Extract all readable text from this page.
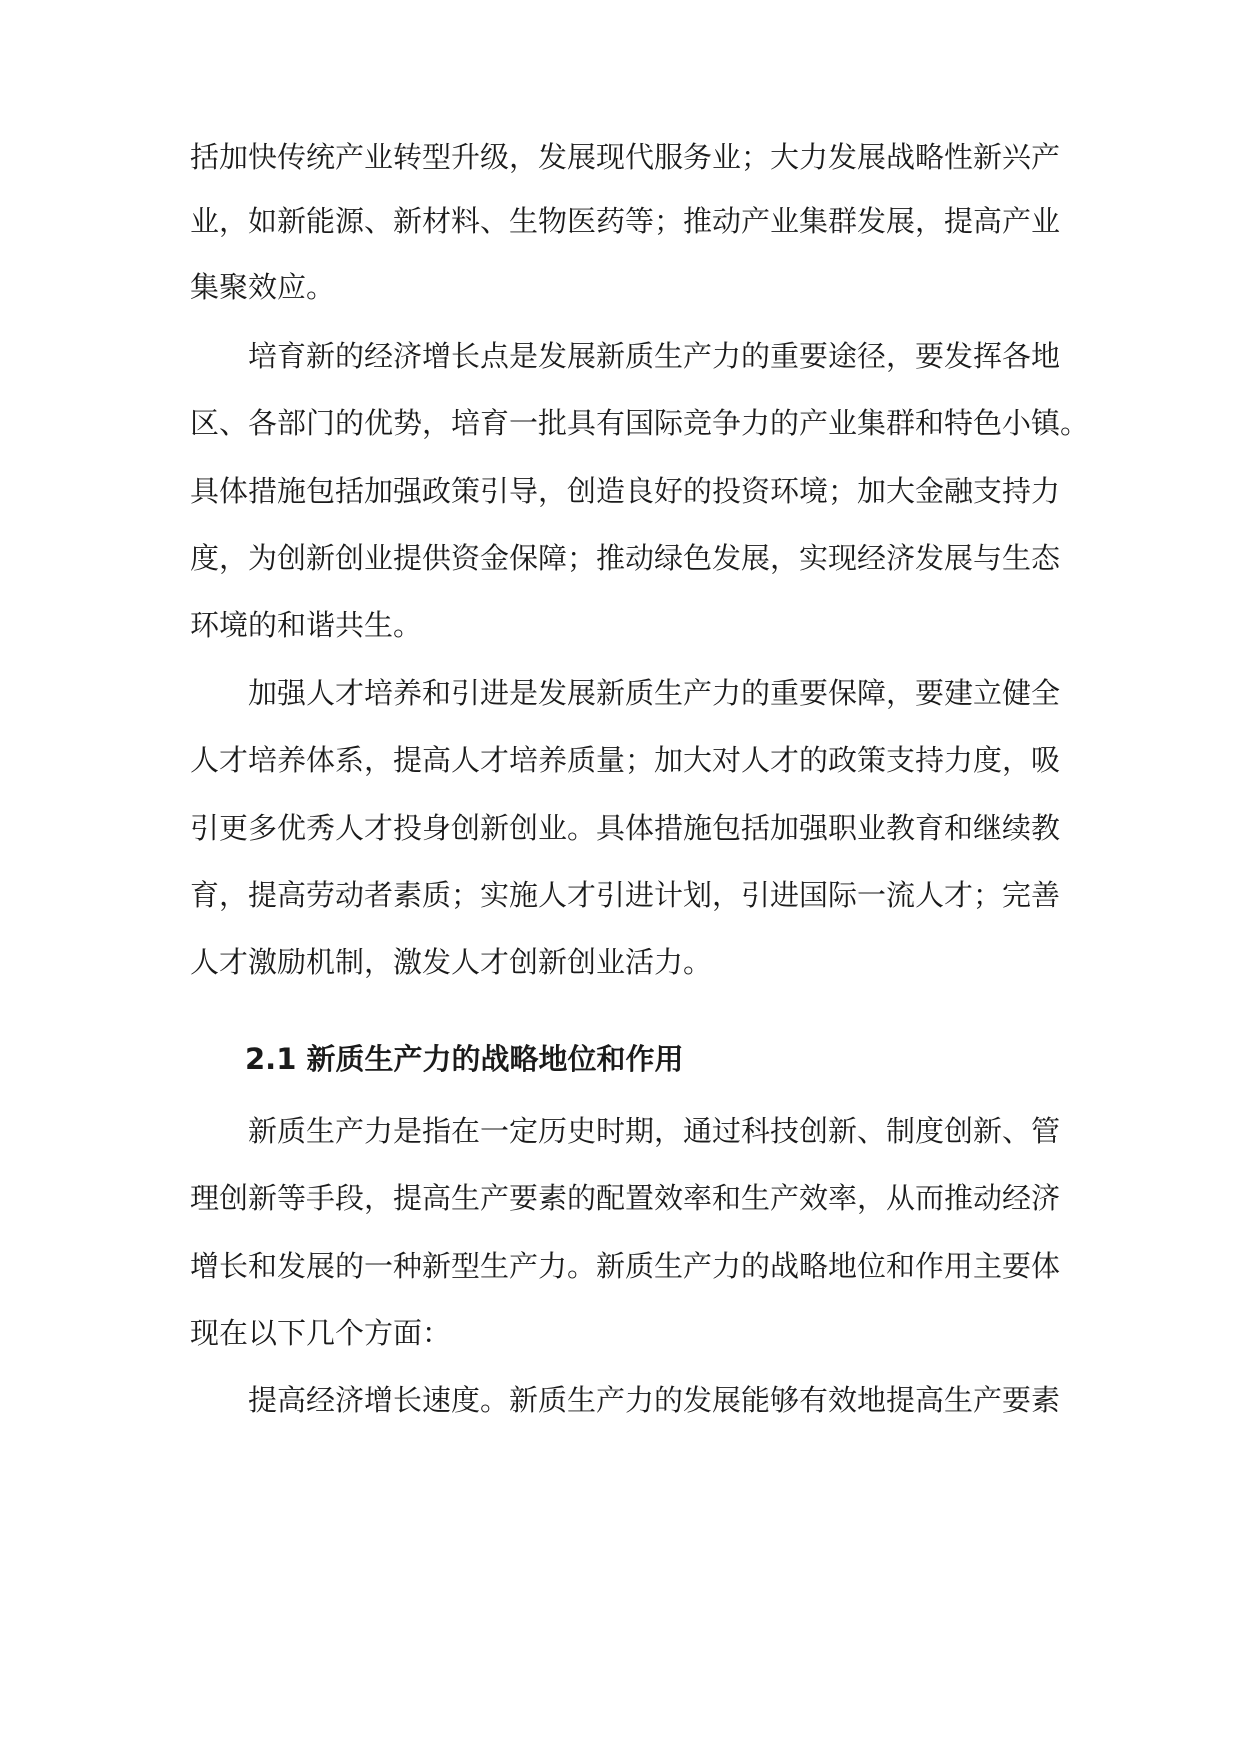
括加快传统产业转型升级，发展现代服务业；大力发展战略性新兴产
业，如新能源、新材料、生物医药等；推动产业集群发展，提高产业
集聚效应。
培育新的经济增长点是发展新质生产力的重要途径，要发挥各地
区、各部门的优势，培育一批具有国际竞争力的产业集群和特色小镇。
具体措施包括加强政策引导，创造良好的投资环境；加大金融支持力
度，为创新创业提供资金保障；推动绿色发展，实现经济发展与生态
环境的和谐共生。
加强人才培养和引进是发展新质生产力的重要保障，要建立健全
人才培养体系，提高人才培养质量；加大对人才的政策支持力度，吸
引更多优秀人才投身创新创业。具体措施包括加强职业教育和继续教
育，提高劳动者素质；实施人才引进计划，引进国际一流人才；完善
人才激励机制，激发人才创新创业活力。
2.1 新质生产力的战略地位和作用
新质生产力是指在一定历史时期，通过科技创新、制度创新、管
理创新等手段，提高生产要素的配置效率和生产效率，从而推动经济
增长和发展的一种新型生产力。新质生产力的战略地位和作用主要体
现在以下几个方面：
提高经济增长速度。新质生产力的发展能够有效地提高生产要素
